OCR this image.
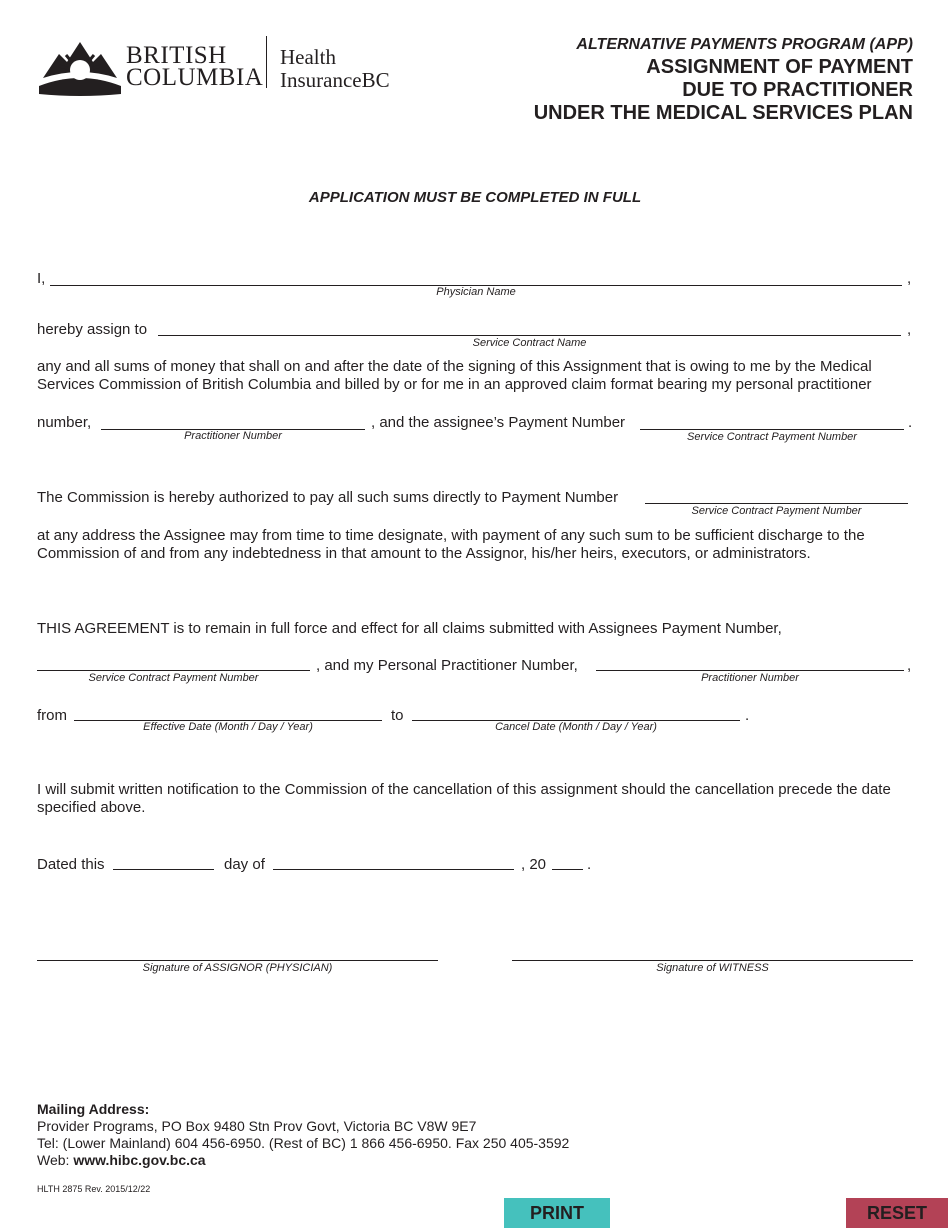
BRITISH
COLUMBIA
Health
InsuranceBC
ALTERNATIVE PAYMENTS PROGRAM (APP)
ASSIGNMENT OF PAYMENT
DUE TO PRACTITIONER
UNDER THE MEDICAL SERVICES PLAN
APPLICATION MUST BE COMPLETED IN FULL
I,	,
Physician Name
hereby assign to	,
Service Contract Name
any and all sums of money that shall on and after the date of the signing of this Assignment that is owing to me by the Medical Services Commission of British Columbia and billed by or for me in an approved claim format bearing my personal practitioner
number,
Practitioner Number
, and the assignee’s Payment Number
Service Contract Payment Number
.
The Commission is hereby authorized to pay all such sums directly to Payment Number
Service Contract Payment Number
at any address the Assignee may from time to time designate, with payment of any such sum to be sufficient discharge to the Commission of and from any indebtedness in that amount to the Assignor, his/her heirs, executors, or administrators.
THIS AGREEMENT is to remain in full force and effect for all claims submitted with Assignees Payment Number,
Service Contract Payment Number
, and my Personal Practitioner Number,
Practitioner Number
,
from
Effective Date (Month / Day / Year)
to
Cancel Date (Month / Day / Year)
.
I will submit written notification to the Commission of the cancellation of this assignment should the cancellation precede the date specified above.
Dated this	day of	, 20	.
Signature of ASSIGNOR (PHYSICIAN)	Signature of WITNESS
Mailing Address:
Provider Programs, PO Box 9480 Stn Prov Govt, Victoria BC V8W 9E7
Tel: (Lower Mainland) 604 456-6950. (Rest of BC) 1 866 456-6950. Fax 250 405-3592
Web: www.hibc.gov.bc.ca
HLTH 2875 Rev. 2015/12/22
PRINT	RESET
